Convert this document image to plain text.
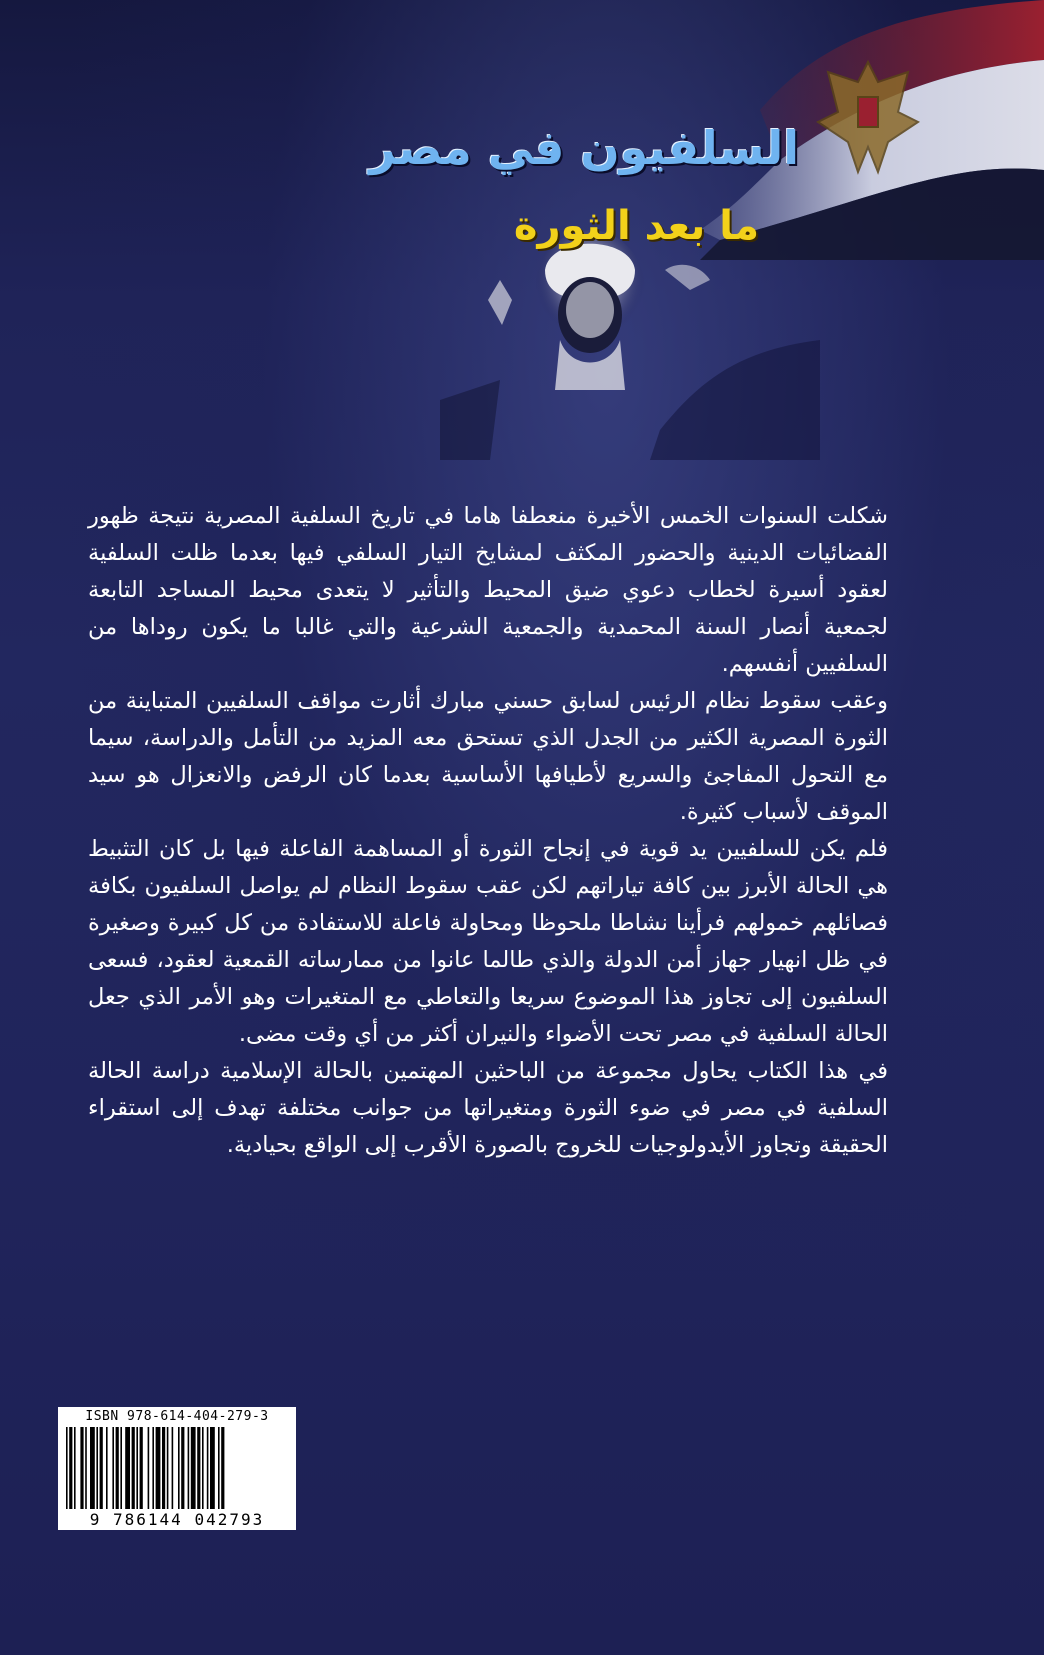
السلفيون في مصر
ما بعد الثورة

شكلت السنوات الخمس الأخيرة منعطفا هاما في تاريخ السلفية المصرية نتيجة ظهور الفضائيات الدينية والحضور المكثف لمشايخ التيار السلفي فيها بعدما ظلت السلفية لعقود أسيرة لخطاب دعوي ضيق المحيط والتأثير لا يتعدى محيط المساجد التابعة لجمعية أنصار السنة المحمدية والجمعية الشرعية والتي غالبا ما يكون روداها من السلفيين أنفسهم.

وعقب سقوط نظام الرئيس لسابق حسني مبارك أثارت مواقف السلفيين المتباينة من الثورة المصرية الكثير من الجدل الذي تستحق معه المزيد من التأمل والدراسة، سيما مع التحول المفاجئ والسريع لأطيافها الأساسية بعدما كان الرفض والانعزال هو سيد الموقف لأسباب كثيرة.

فلم يكن للسلفيين يد قوية في إنجاح الثورة أو المساهمة الفاعلة فيها بل كان التثبيط هي الحالة الأبرز بين كافة تياراتهم لكن عقب سقوط النظام لم يواصل السلفيون بكافة فصائلهم خمولهم فرأينا نشاطا ملحوظا ومحاولة فاعلة للاستفادة من كل كبيرة وصغيرة في ظل انهيار جهاز أمن الدولة والذي طالما عانوا من ممارساته القمعية لعقود، فسعى السلفيون إلى تجاوز هذا الموضوع سريعا والتعاطي مع المتغيرات وهو الأمر الذي جعل الحالة السلفية في مصر تحت الأضواء والنيران أكثر من أي وقت مضى.

في هذا الكتاب يحاول مجموعة من الباحثين المهتمين بالحالة الإسلامية دراسة الحالة السلفية في مصر في ضوء الثورة ومتغيراتها من جوانب مختلفة تهدف إلى استقراء الحقيقة وتجاوز الأيدولوجيات للخروج بالصورة الأقرب إلى الواقع بحيادية.

ISBN 978-614-404-279-3
9 786144 042793
